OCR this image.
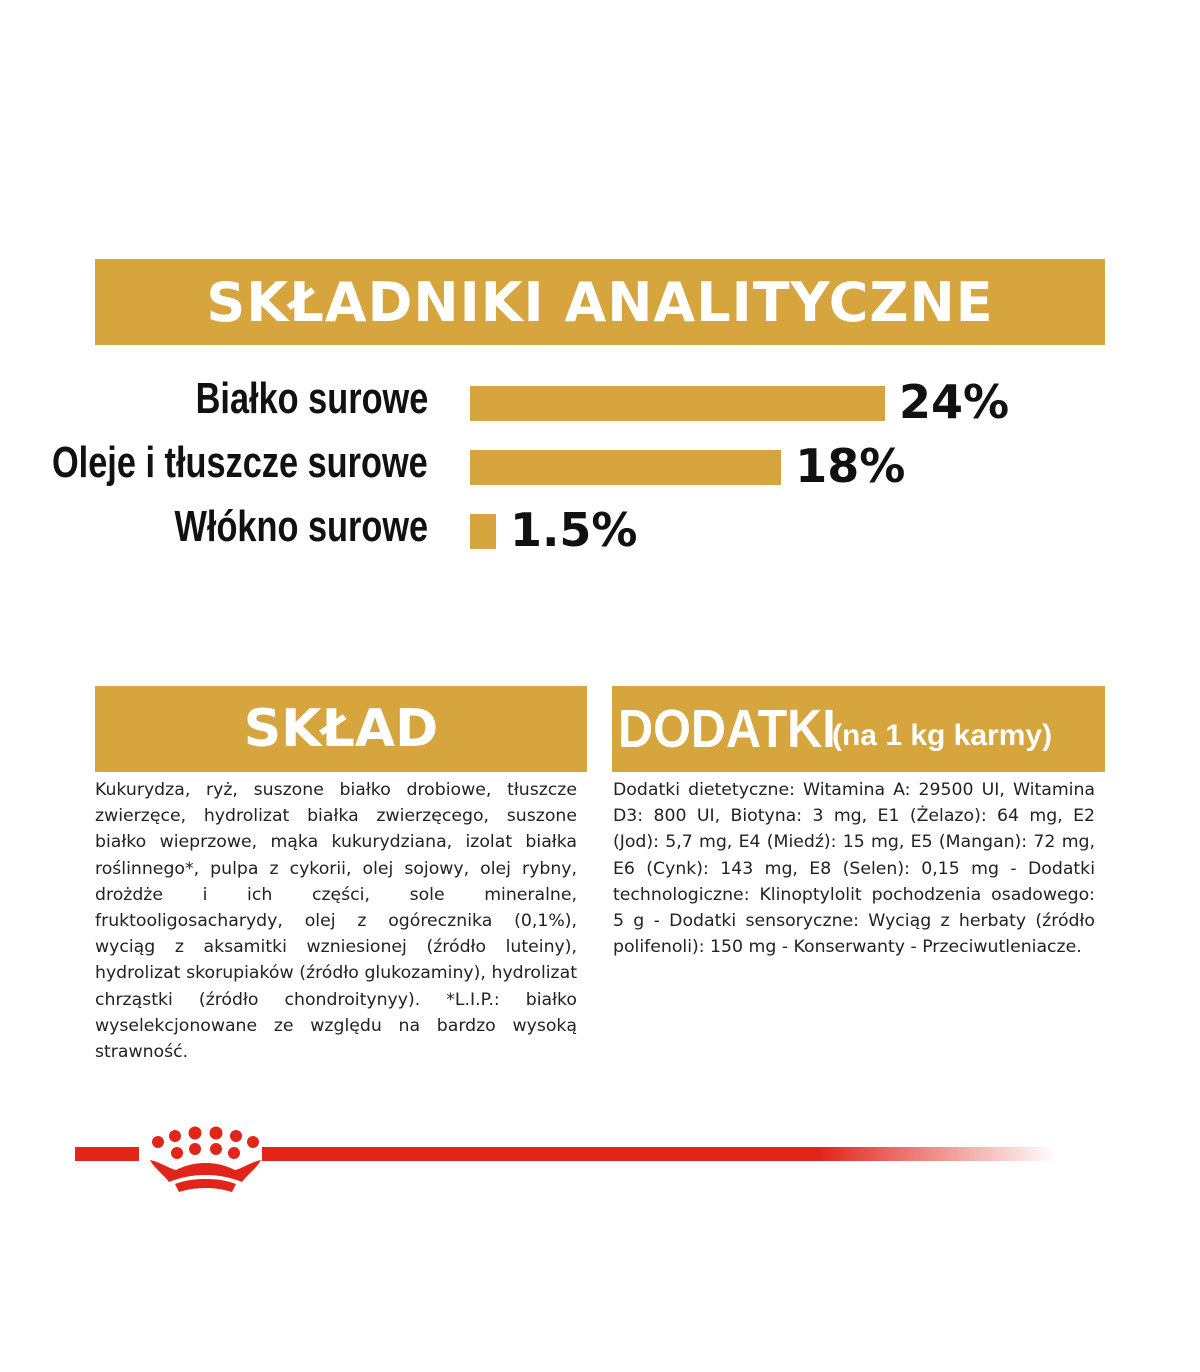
SKŁADNIKI ANALITYCZNE
Białko surowe	24%
Oleje i tłuszcze surowe	18%
Włókno surowe 1.5%
SKŁAD
Kukurydza, ryż, suszone białko drobiowe, tłuszcze zwierzęce, hydrolizat białka zwierzęcego, suszone białko wieprzowe, mąka kukurydziana, izolat białka roślinnego*, pulpa z cykorii, olej sojowy, olej rybny, drożdże i ich części, sole mineralne, fruktooligosacharydy, olej z ogórecznika (0,1%), wyciąg z aksamitki wzniesionej (źródło luteiny), hydrolizat skorupiaków (źródło glukozaminy), hydrolizat chrząstki (źródło chondroitynyy). *L.I.P.: białko wyselekcjonowane ze względu na bardzo wysoką strawność.
DODATKI
(na 1 kg karmy)
Dodatki dietetyczne: Witamina A: 29500 UI, Witamina D3: 800 UI, Biotyna: 3 mg, E1 (Żelazo): 64 mg, E2 (Jod): 5,7 mg, E4 (Miedź): 15 mg, E5 (Mangan): 72 mg, E6 (Cynk): 143 mg, E8 (Selen): 0,15 mg - Dodatki technologiczne: Klinoptylolit pochodzenia osadowego: 5 g - Dodatki sensoryczne: Wyciąg z herbaty (źródło polifenoli): 150 mg - Konserwanty - Przeciwutleniacze.
